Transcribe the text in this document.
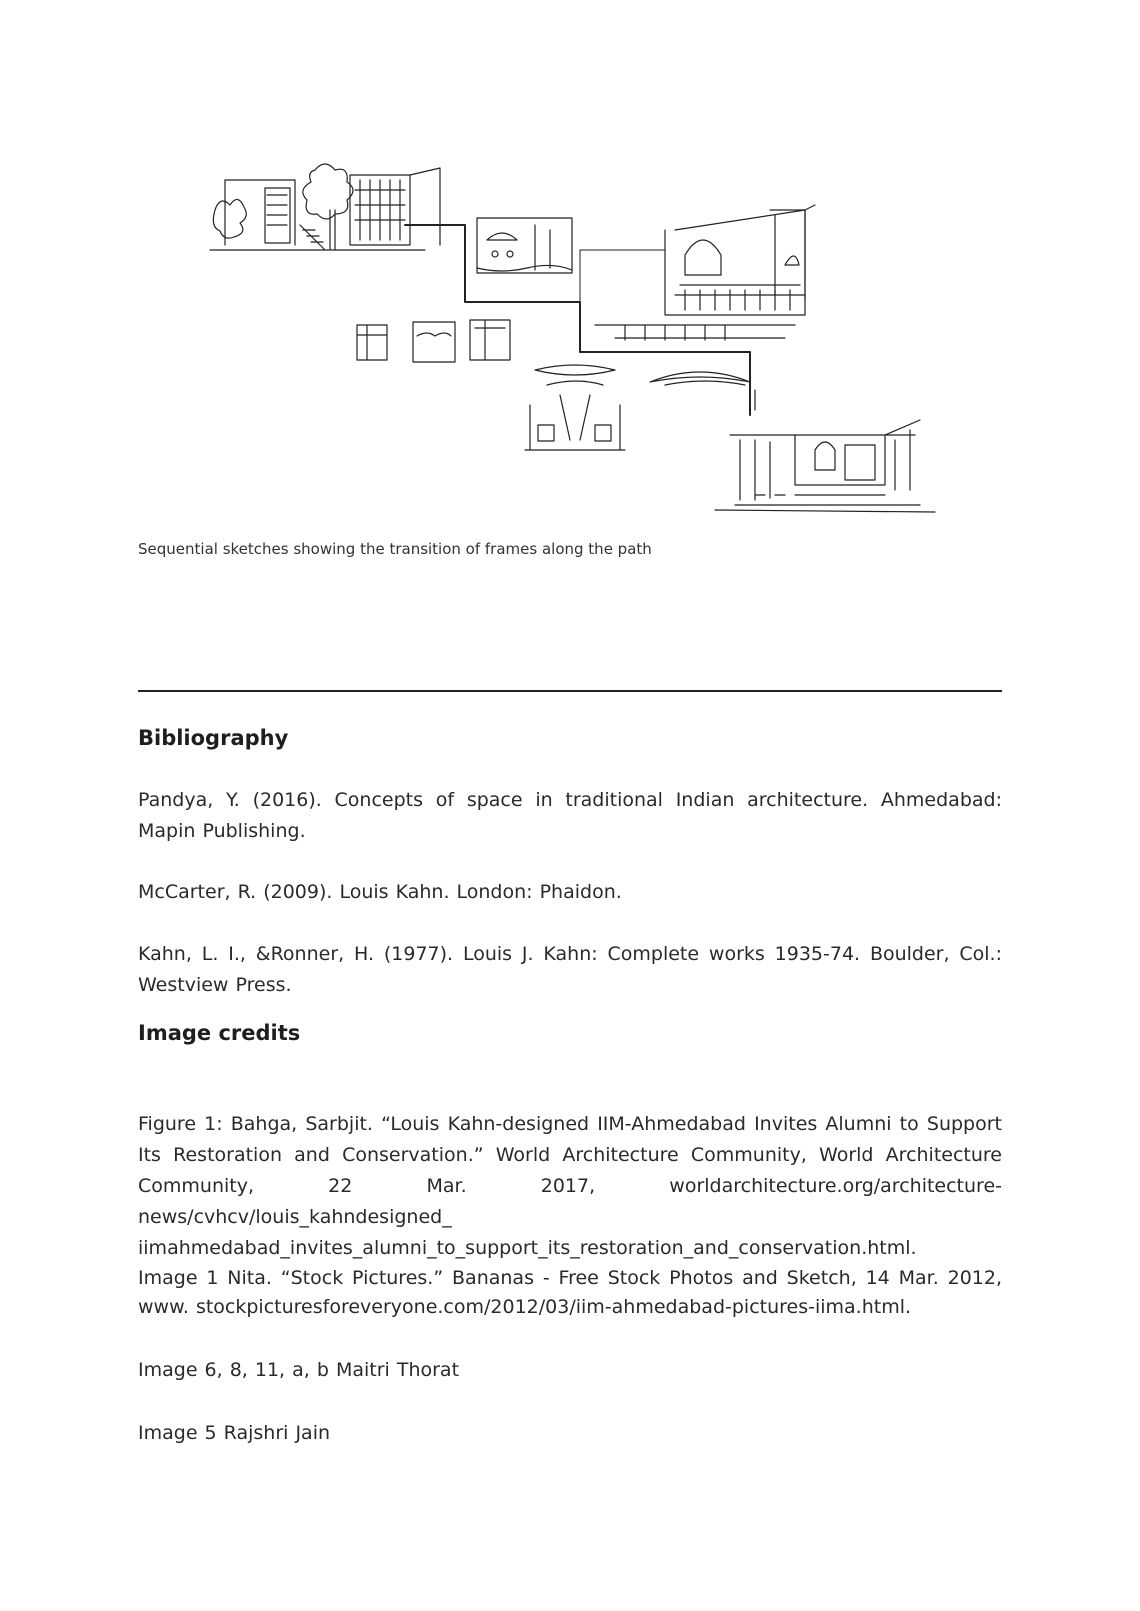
Sequential sketches showing the transition of frames along the path
Bibliography

Pandya, Y. (2016). Concepts of space in traditional Indian architecture. Ahmedabad: Mapin Publishing.

McCarter, R. (2009). Louis Kahn. London: Phaidon.

Kahn, L. I., &Ronner, H. (1977). Louis J. Kahn: Complete works 1935-74. Boulder, Col.: Westview Press.

Image credits

Figure 1: Bahga, Sarbjit. “Louis Kahn-designed IIM-Ahmedabad Invites Alumni to Support Its Restoration and Conservation.” World Architecture Community, World Architecture Community, 22 Mar. 2017, worldarchitecture.org/architecture-news/cvhcv/louis_kahndesigned_ iimahmedabad_invites_alumni_to_support_its_restoration_and_conservation.html.

Image 1 Nita. “Stock Pictures.” Bananas - Free Stock Photos and Sketch, 14 Mar. 2012, www. stockpicturesforeveryone.com/2012/03/iim-ahmedabad-pictures-iima.html.

Image 6, 8, 11, a, b Maitri Thorat

Image 5 Rajshri Jain
